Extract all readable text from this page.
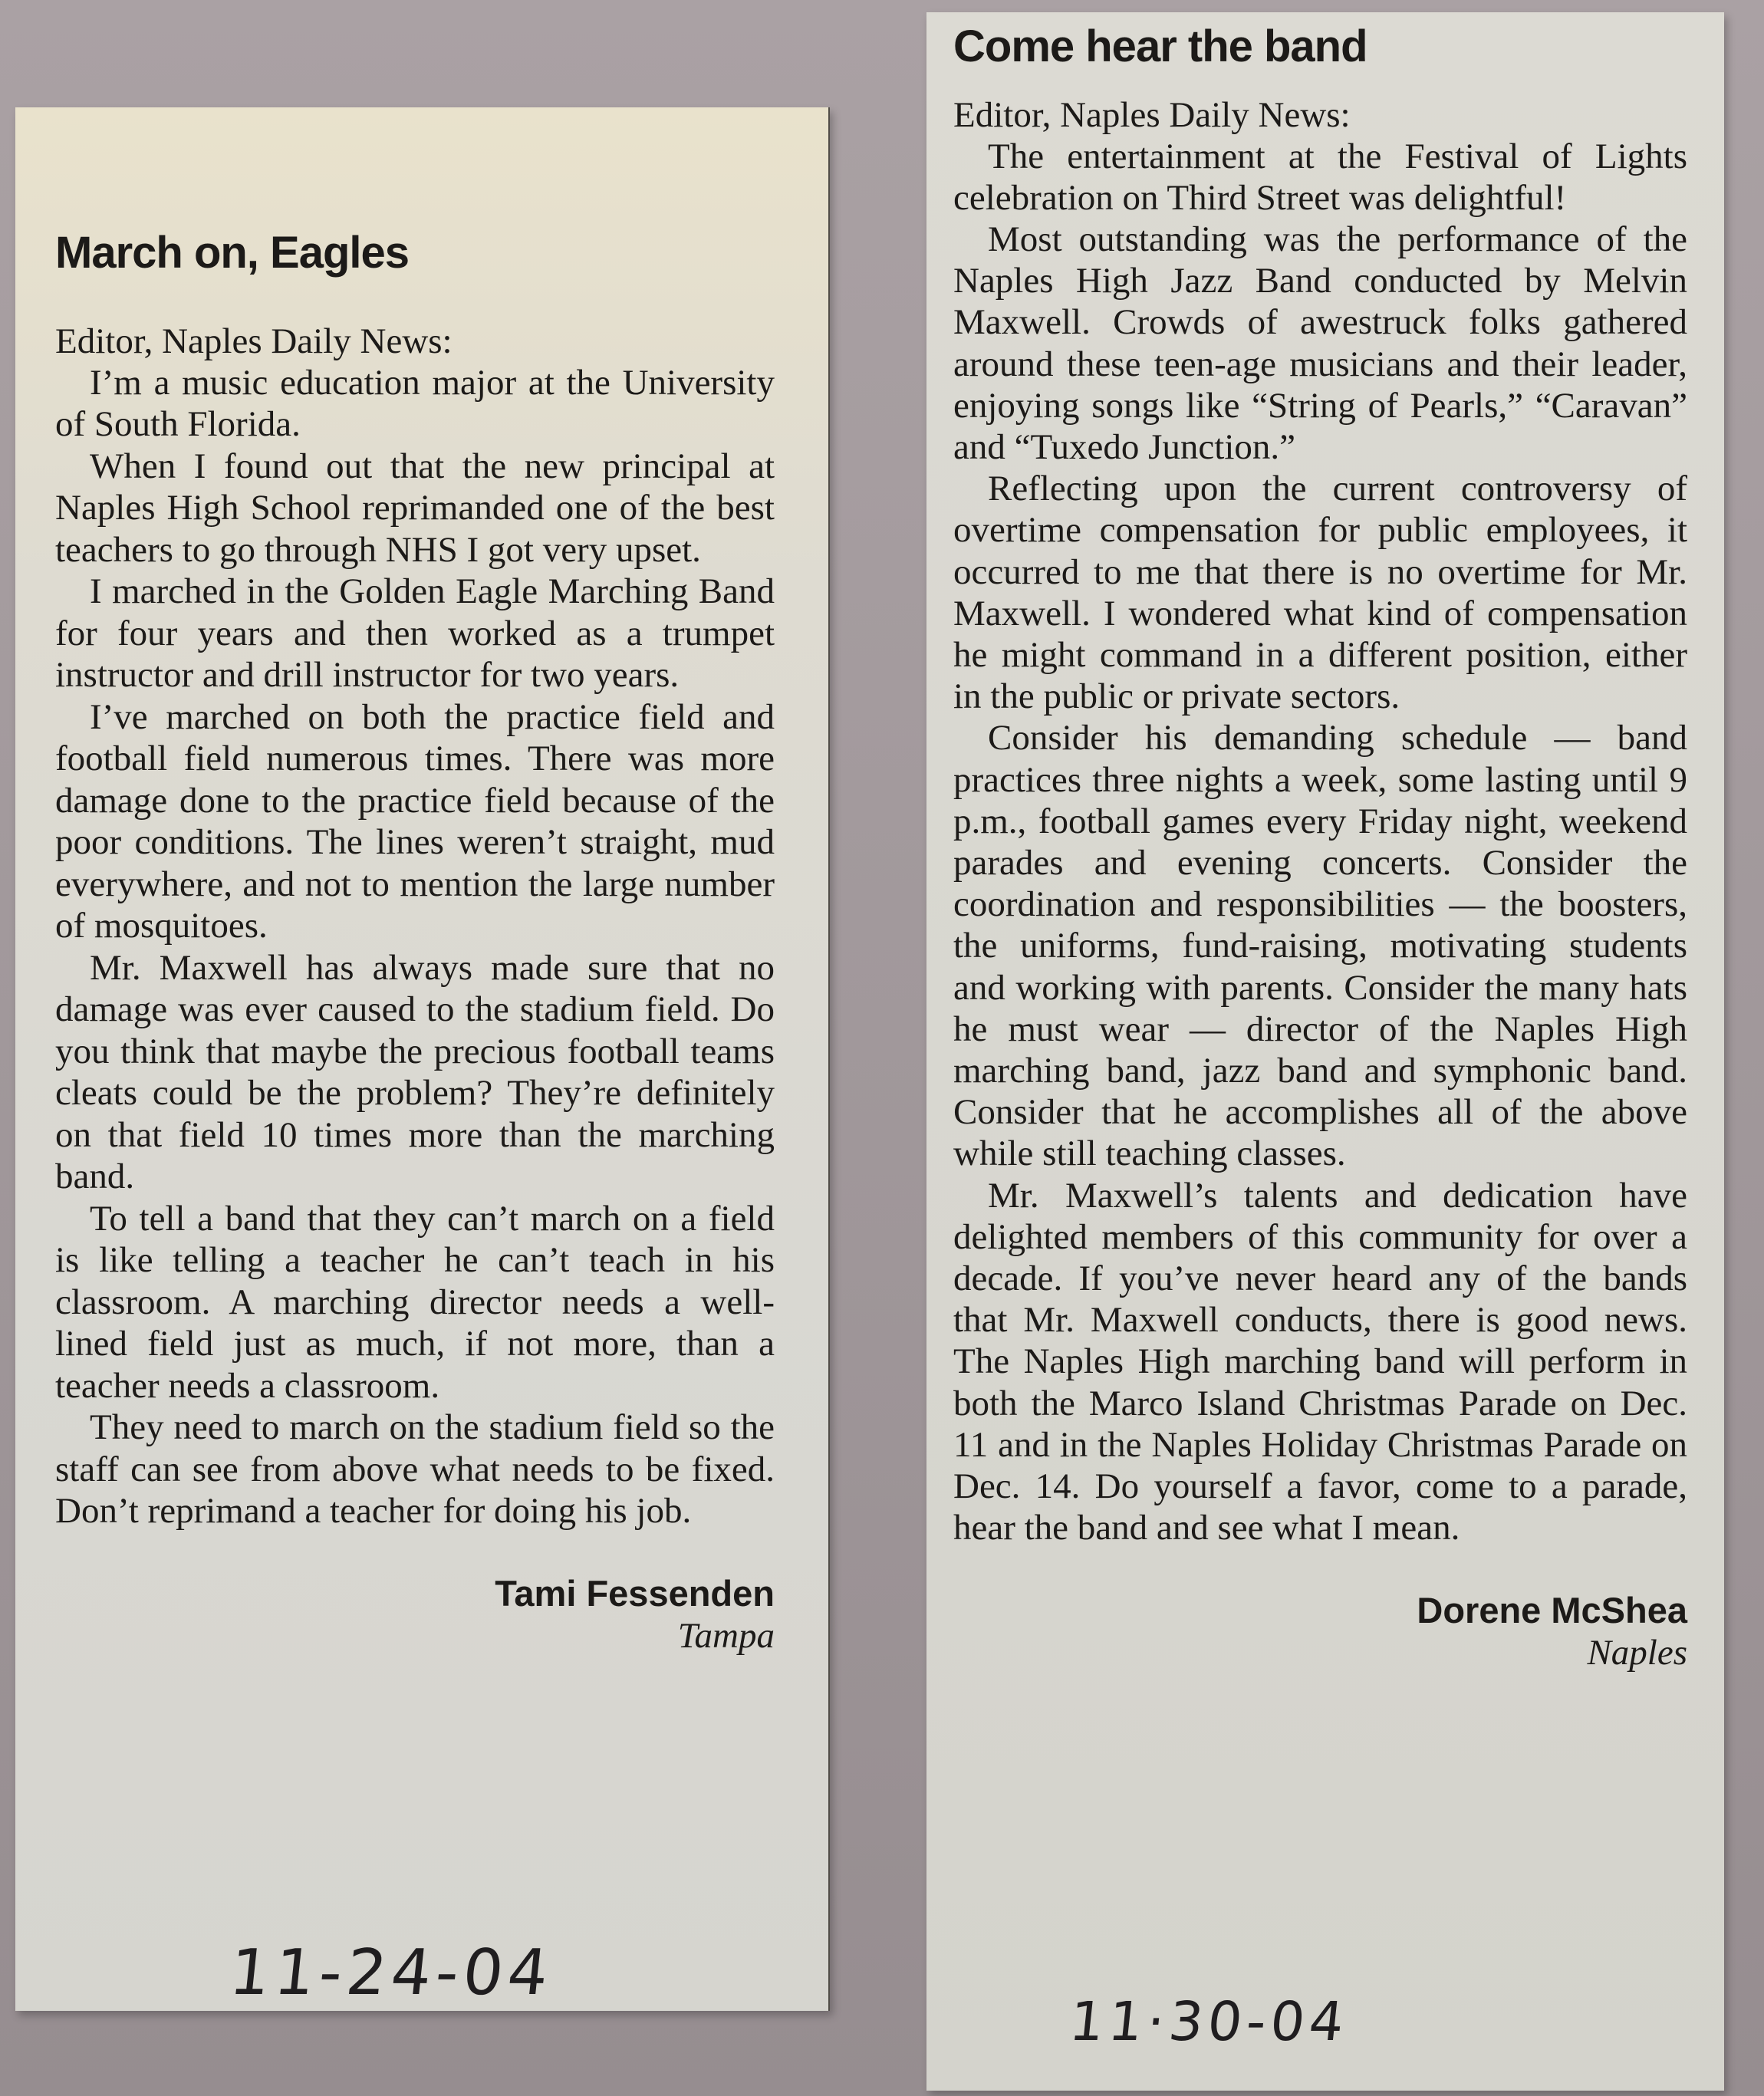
March on, Eagles

Editor, Naples Daily News:

I’m a music education major at the University of South Florida.

When I found out that the new principal at Naples High School reprimanded one of the best teachers to go through NHS I got very upset.

I marched in the Golden Eagle Marching Band for four years and then worked as a trumpet instructor and drill instructor for two years.

I’ve marched on both the practice field and football field numerous times. There was more damage done to the practice field because of the poor conditions. The lines weren’t straight, mud everywhere, and not to mention the large number of mosquitoes.

Mr. Maxwell has always made sure that no damage was ever caused to the stadium field. Do you think that maybe the precious football teams cleats could be the problem? They’re definitely on that field 10 times more than the marching band.

To tell a band that they can’t march on a field is like telling a teacher he can’t teach in his classroom. A marching director needs a well-lined field just as much, if not more, than a teacher needs a classroom.

They need to march on the stadium field so the staff can see from above what needs to be fixed. Don’t reprimand a teacher for doing his job.

Tami Fessenden
Tampa
Come hear the band

Editor, Naples Daily News:

The entertainment at the Festival of Lights celebration on Third Street was delightful!

Most outstanding was the performance of the Naples High Jazz Band conducted by Melvin Maxwell. Crowds of awestruck folks gathered around these teen-age musicians and their leader, enjoying songs like “String of Pearls,” “Caravan” and “Tuxedo Junction.”

Reflecting upon the current controversy of overtime compensation for public employees, it occurred to me that there is no overtime for Mr. Maxwell. I wondered what kind of compensation he might command in a different position, either in the public or private sectors.

Consider his demanding schedule — band practices three nights a week, some lasting until 9 p.m., football games every Friday night, weekend parades and evening concerts. Consider the coordination and responsibilities — the boosters, the uniforms, fund-raising, motivating students and working with parents. Consider the many hats he must wear — director of the Naples High marching band, jazz band and symphonic band. Consider that he accomplishes all of the above while still teaching classes.

Mr. Maxwell’s talents and dedication have delighted members of this community for over a decade. If you’ve never heard any of the bands that Mr. Maxwell conducts, there is good news. The Naples High marching band will perform in both the Marco Island Christmas Parade on Dec. 11 and in the Naples Holiday Christmas Parade on Dec. 14. Do yourself a favor, come to a parade, hear the band and see what I mean.

Dorene McShea
Naples
11-24-04
11·30-04
